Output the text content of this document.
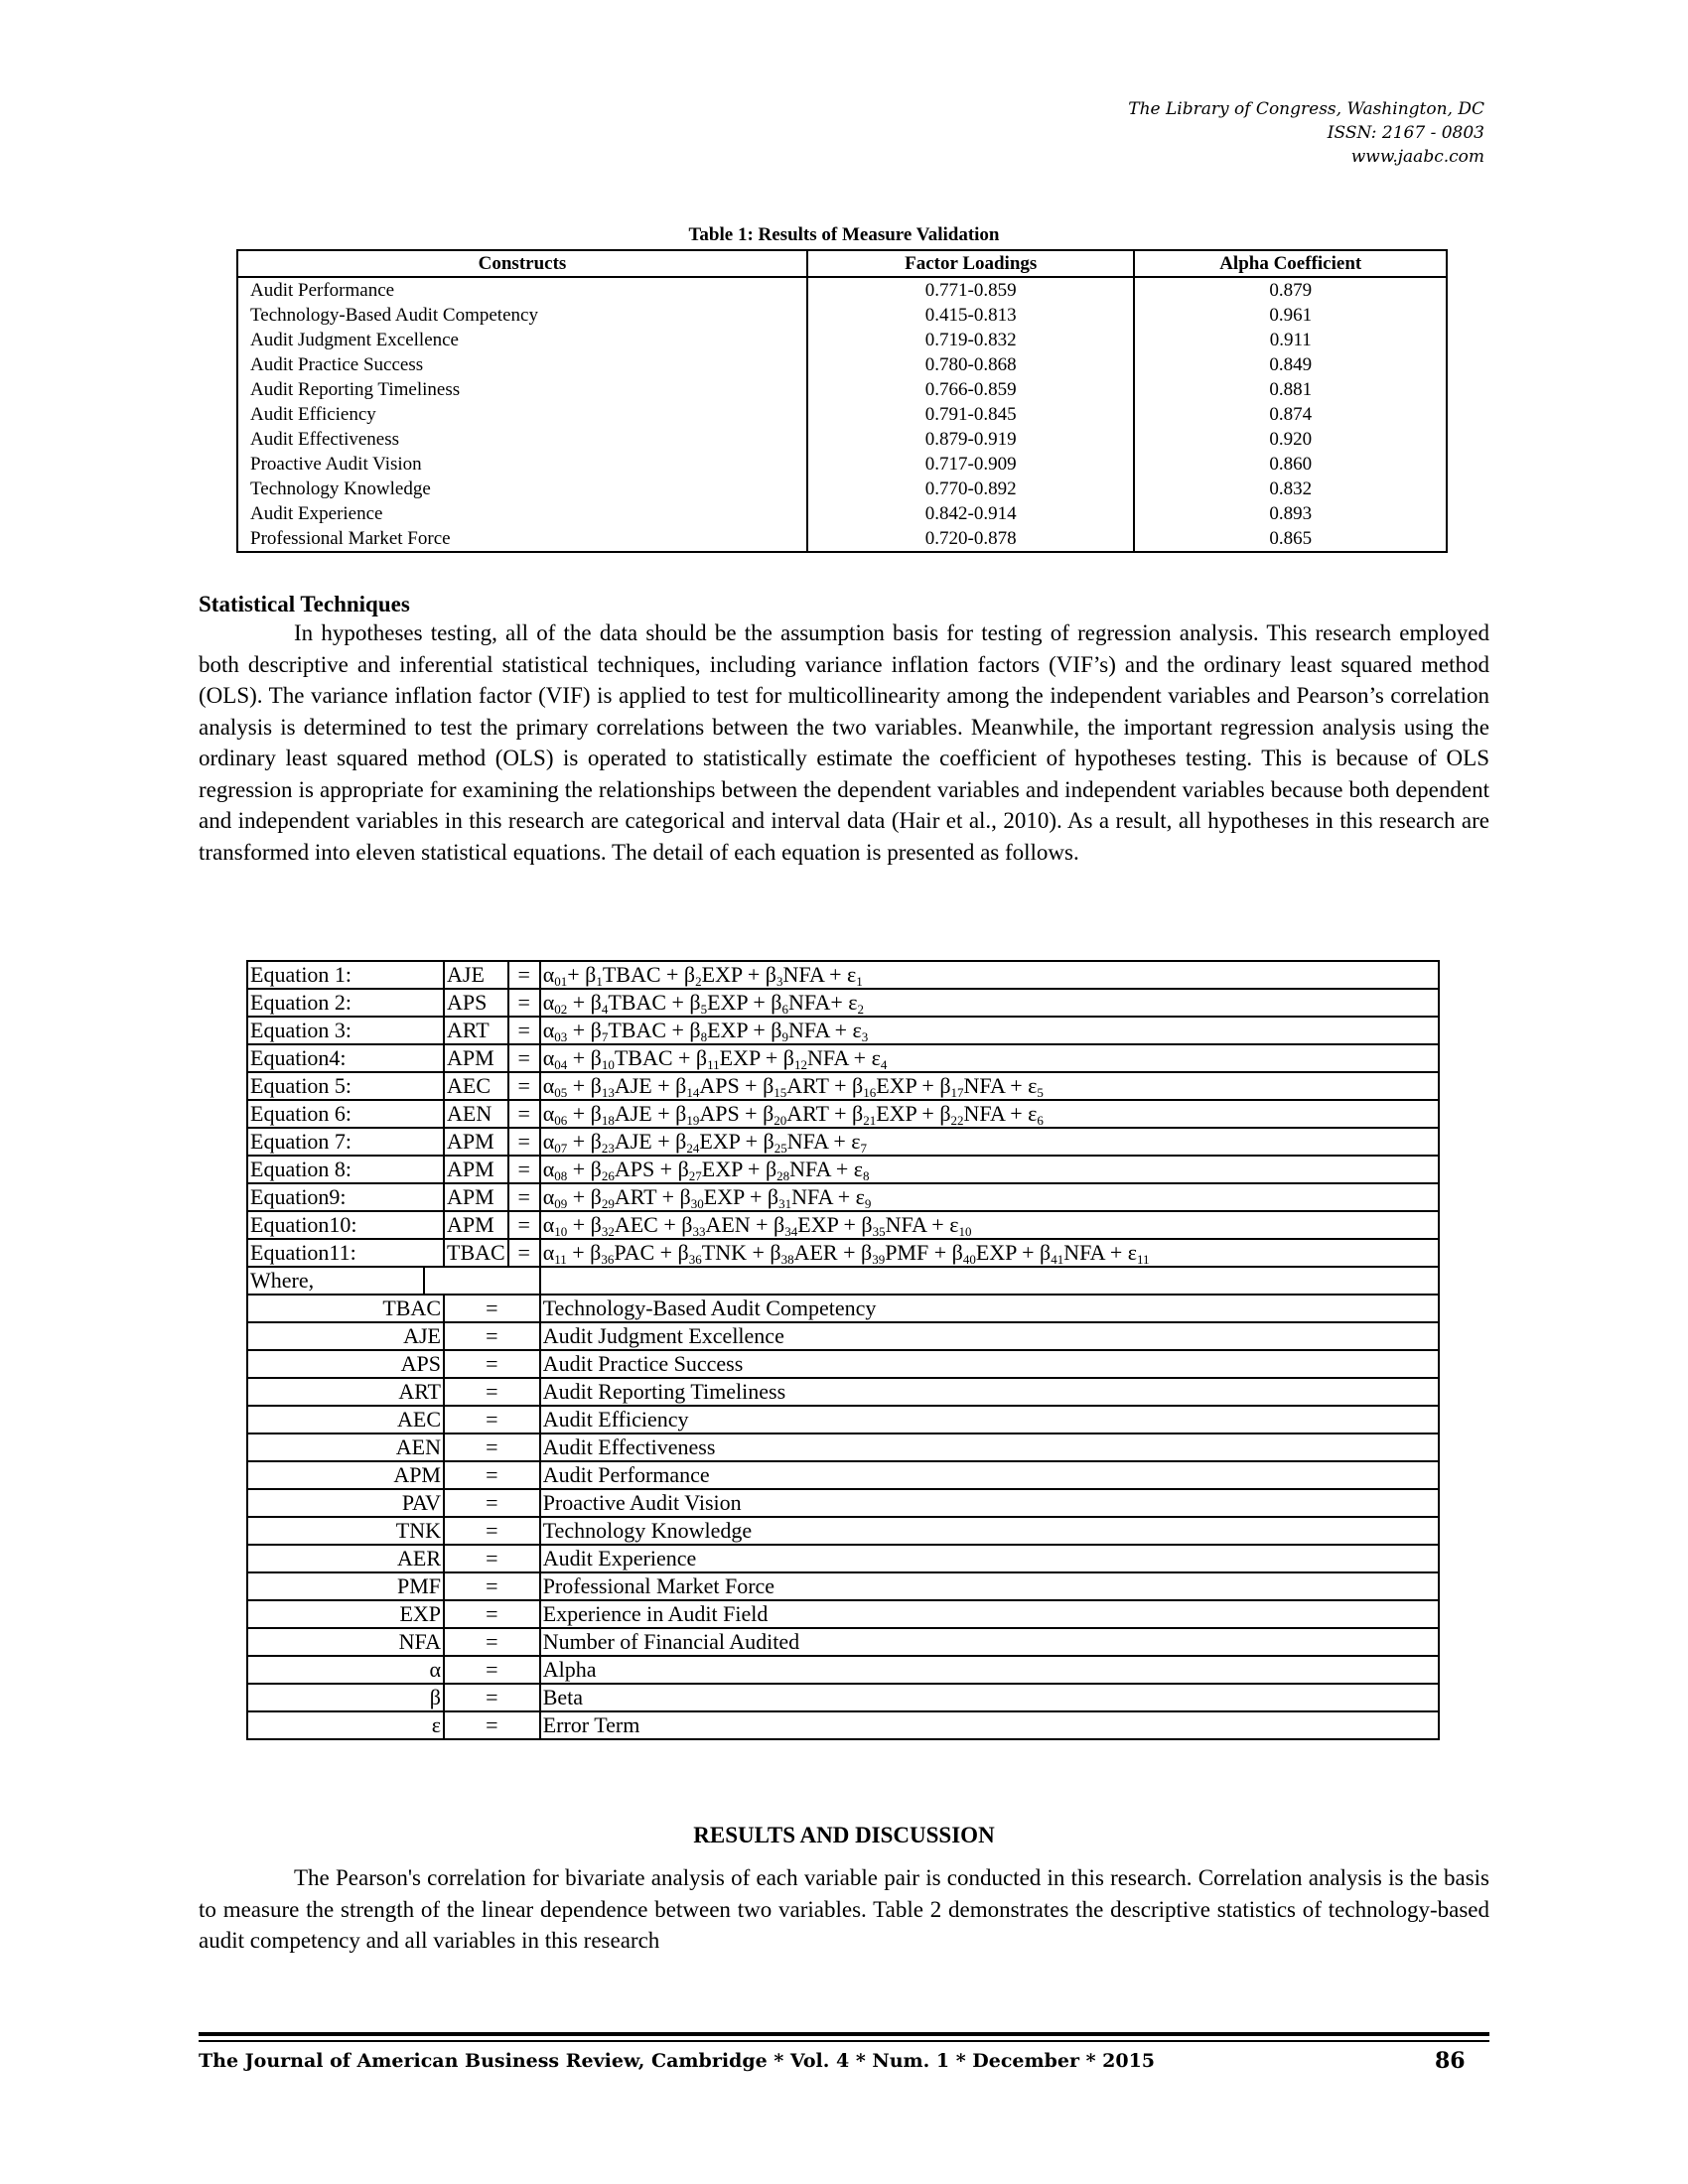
The Library of Congress, Washington, DC
ISSN: 2167 - 0803
www.jaabc.com
Table 1: Results of Measure Validation
Constructs	Factor Loadings	Alpha Coefficient
Audit Performance	0.771-0.859	0.879
Technology-Based Audit Competency	0.415-0.813	0.961
Audit Judgment Excellence	0.719-0.832	0.911
Audit Practice Success	0.780-0.868	0.849
Audit Reporting Timeliness	0.766-0.859	0.881
Audit Efficiency	0.791-0.845	0.874
Audit Effectiveness	0.879-0.919	0.920
Proactive Audit Vision	0.717-0.909	0.860
Technology Knowledge	0.770-0.892	0.832
Audit Experience	0.842-0.914	0.893
Professional Market Force	0.720-0.878	0.865
Statistical Techniques

In hypotheses testing, all of the data should be the assumption basis for testing of regression analysis. This research employed both descriptive and inferential statistical techniques, including variance inflation factors (VIF’s) and the ordinary least squared method (OLS). The variance inflation factor (VIF) is applied to test for multicollinearity among the independent variables and Pearson’s correlation analysis is determined to test the primary correlations between the two variables. Meanwhile, the important regression analysis using the ordinary least squared method (OLS) is operated to statistically estimate the coefficient of hypotheses testing. This is because of OLS regression is appropriate for examining the relationships between the dependent variables and independent variables because both dependent and independent variables in this research are categorical and interval data (Hair et al., 2010). As a result, all hypotheses in this research are transformed into eleven statistical equations. The detail of each equation is presented as follows.

Equation 1:		AJE	=	$\alpha_{01}+$ $\beta_1TBAC + \beta_2EXP + \beta_3NFA + \varepsilon_1$
Equation 2:		APS	=	$\alpha_{02}$ + $\beta_4TBAC + \beta_5EXP + \beta_6NFA+ \varepsilon_2$
Equation 3:		ART	=	$\alpha_{03}$ + $\beta_7TBAC + \beta_8EXP + \beta_9NFA + \varepsilon_3$
Equation4:		APM	=	$\alpha_{04}$ + $\beta_{10}TBAC + \beta_{11}EXP + \beta_{12}NFA + \varepsilon_4$
Equation 5:		AEC	=	$\alpha_{05} + \beta_{13}AJE + \beta_{14}APS + \beta_{15}ART + \beta_{16}EXP + \beta_{17}NFA + \varepsilon_5$
Equation 6:		AEN	=	$\alpha_{06} + \beta_{18}AJE + \beta_{19}APS + \beta_{20}ART + \beta_{21}EXP + \beta_{22}NFA + \varepsilon_6$
Equation 7:		APM	=	$\alpha_{07} + \beta_{23}AJE + \beta_{24}EXP + \beta_{25}NFA + \varepsilon_7$
Equation 8:		APM	=	$\alpha_{08} + \beta_{26}APS + \beta_{27}EXP + \beta_{28}NFA + \varepsilon_8$
Equation9:		APM	=	$\alpha_{09} + \beta_{29}ART + \beta_{30}EXP + \beta_{31}NFA + \varepsilon_9$
Equation10:		APM	=	$\alpha_{10} + \beta_{32}AEC + \beta_{33}AEN + \beta_{34}EXP + \beta_{35}NFA + \varepsilon_{10}$
Equation11:		TBAC	=	$\alpha_{11} + \beta_{36}PAC + \beta_{36}TNK + \beta_{38}AER + \beta_{39}PMF + \beta_{40}EXP + \beta_{41}NFA + \varepsilon_{11}$
Where,				
TBAC		=		Technology-Based Audit Competency
AJE		=		Audit Judgment Excellence
APS		=		Audit Practice Success
ART		=		Audit Reporting Timeliness
AEC		=		Audit Efficiency
AEN		=		Audit Effectiveness
APM		=		Audit Performance
PAV		=		Proactive Audit Vision
TNK		=		Technology Knowledge
AER		=		Audit Experience
PMF		=		Professional Market Force
EXP		=		Experience in Audit Field
NFA		=		Number of Financial Audited
α		=		Alpha
β		=		Beta
ε		=		Error Term
RESULTS AND DISCUSSION

The Pearson's correlation for bivariate analysis of each variable pair is conducted in this research. Correlation analysis is the basis to measure the strength of the linear dependence between two variables. Table 2 demonstrates the descriptive statistics of technology-based audit competency and all variables in this research

The Journal of American Business Review, Cambridge * Vol. 4 * Num. 1 * December * 2015	86
